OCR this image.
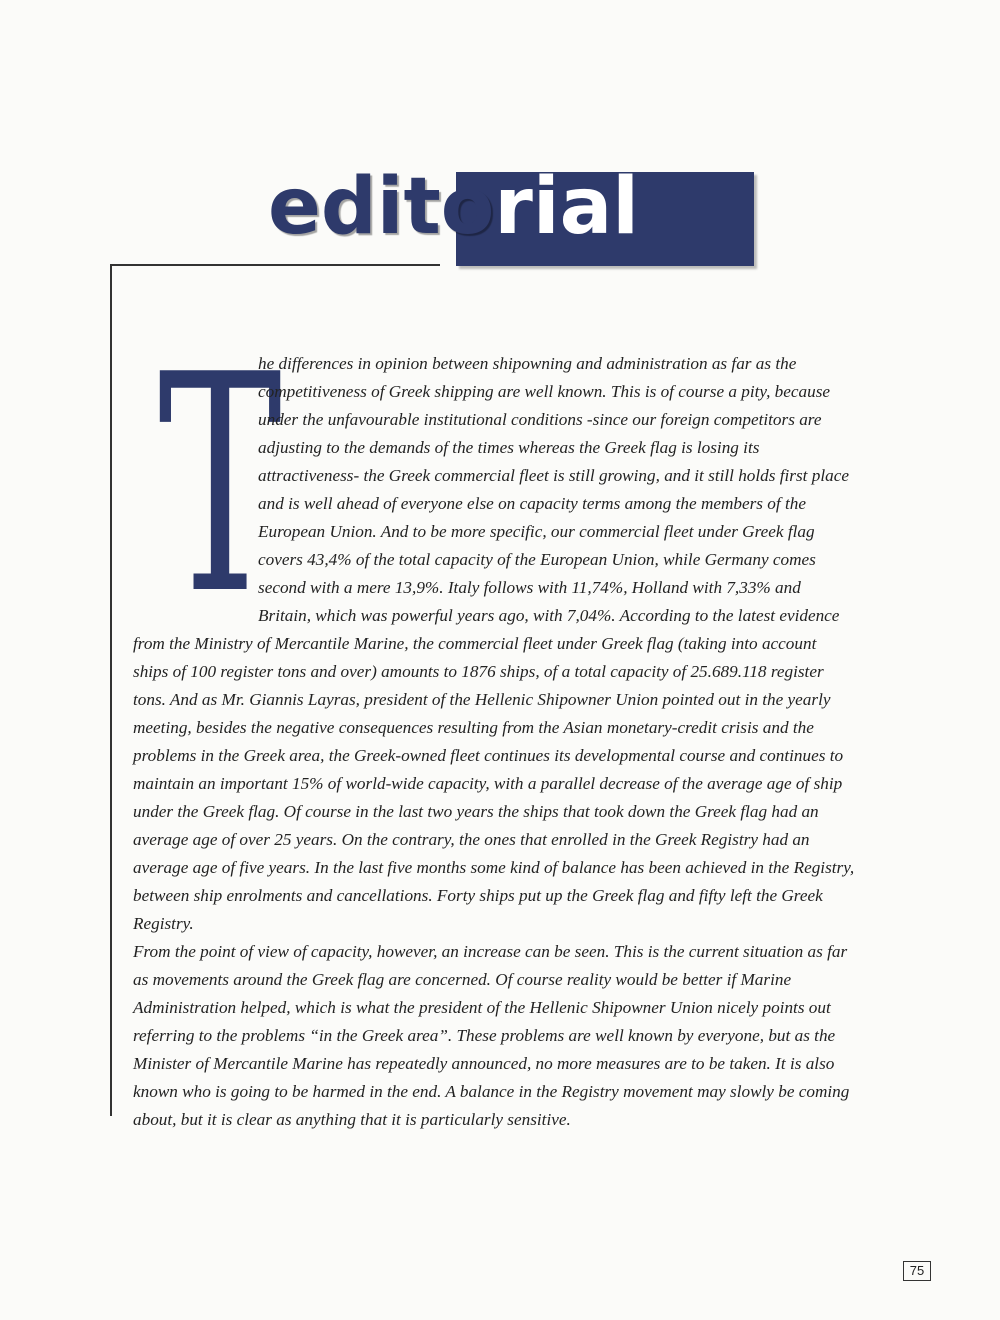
editorial
T
he differences in opinion between shipowning and administration as far as the
competitiveness of Greek shipping are well known. This is of course a pity, because
under the unfavourable institutional conditions -since our foreign competitors are
adjusting to the demands of the times whereas the Greek flag is losing its
attractiveness- the Greek commercial fleet is still growing, and it still holds first place
and is well ahead of everyone else on capacity terms among the members of the
European Union. And to be more specific, our commercial fleet under Greek flag
covers 43,4% of the total capacity of the European Union, while Germany comes
second with a mere 13,9%. Italy follows with 11,74%, Holland with 7,33% and
Britain, which was powerful years ago, with 7,04%. According to the latest evidence
from the Ministry of Mercantile Marine, the commercial fleet under Greek flag (taking into account
ships of 100 register tons and over) amounts to 1876 ships, of a total capacity of 25.689.118 register
tons. And as Mr. Giannis Layras, president of the Hellenic Shipowner Union pointed out in the yearly
meeting, besides the negative consequences resulting from the Asian monetary-credit crisis and the
problems in the Greek area, the Greek-owned fleet continues its developmental course and continues to
maintain an important 15% of world-wide capacity, with a parallel decrease of the average age of ship
under the Greek flag. Of course in the last two years the ships that took down the Greek flag had an
average age of over 25 years. On the contrary, the ones that enrolled in the Greek Registry had an
average age of five years. In the last five months some kind of balance has been achieved in the Registry,
between ship enrolments and cancellations. Forty ships put up the Greek flag and fifty left the Greek
Registry.
From the point of view of capacity, however, an increase can be seen. This is the current situation as far
as movements around the Greek flag are concerned. Of course reality would be better if Marine
Administration helped, which is what the president of the Hellenic Shipowner Union nicely points out
referring to the problems “in the Greek area”. These problems are well known by everyone, but as the
Minister of Mercantile Marine has repeatedly announced, no more measures are to be taken. It is also
known who is going to be harmed in the end. A balance in the Registry movement may slowly be coming
about, but it is clear as anything that it is particularly sensitive.
75
